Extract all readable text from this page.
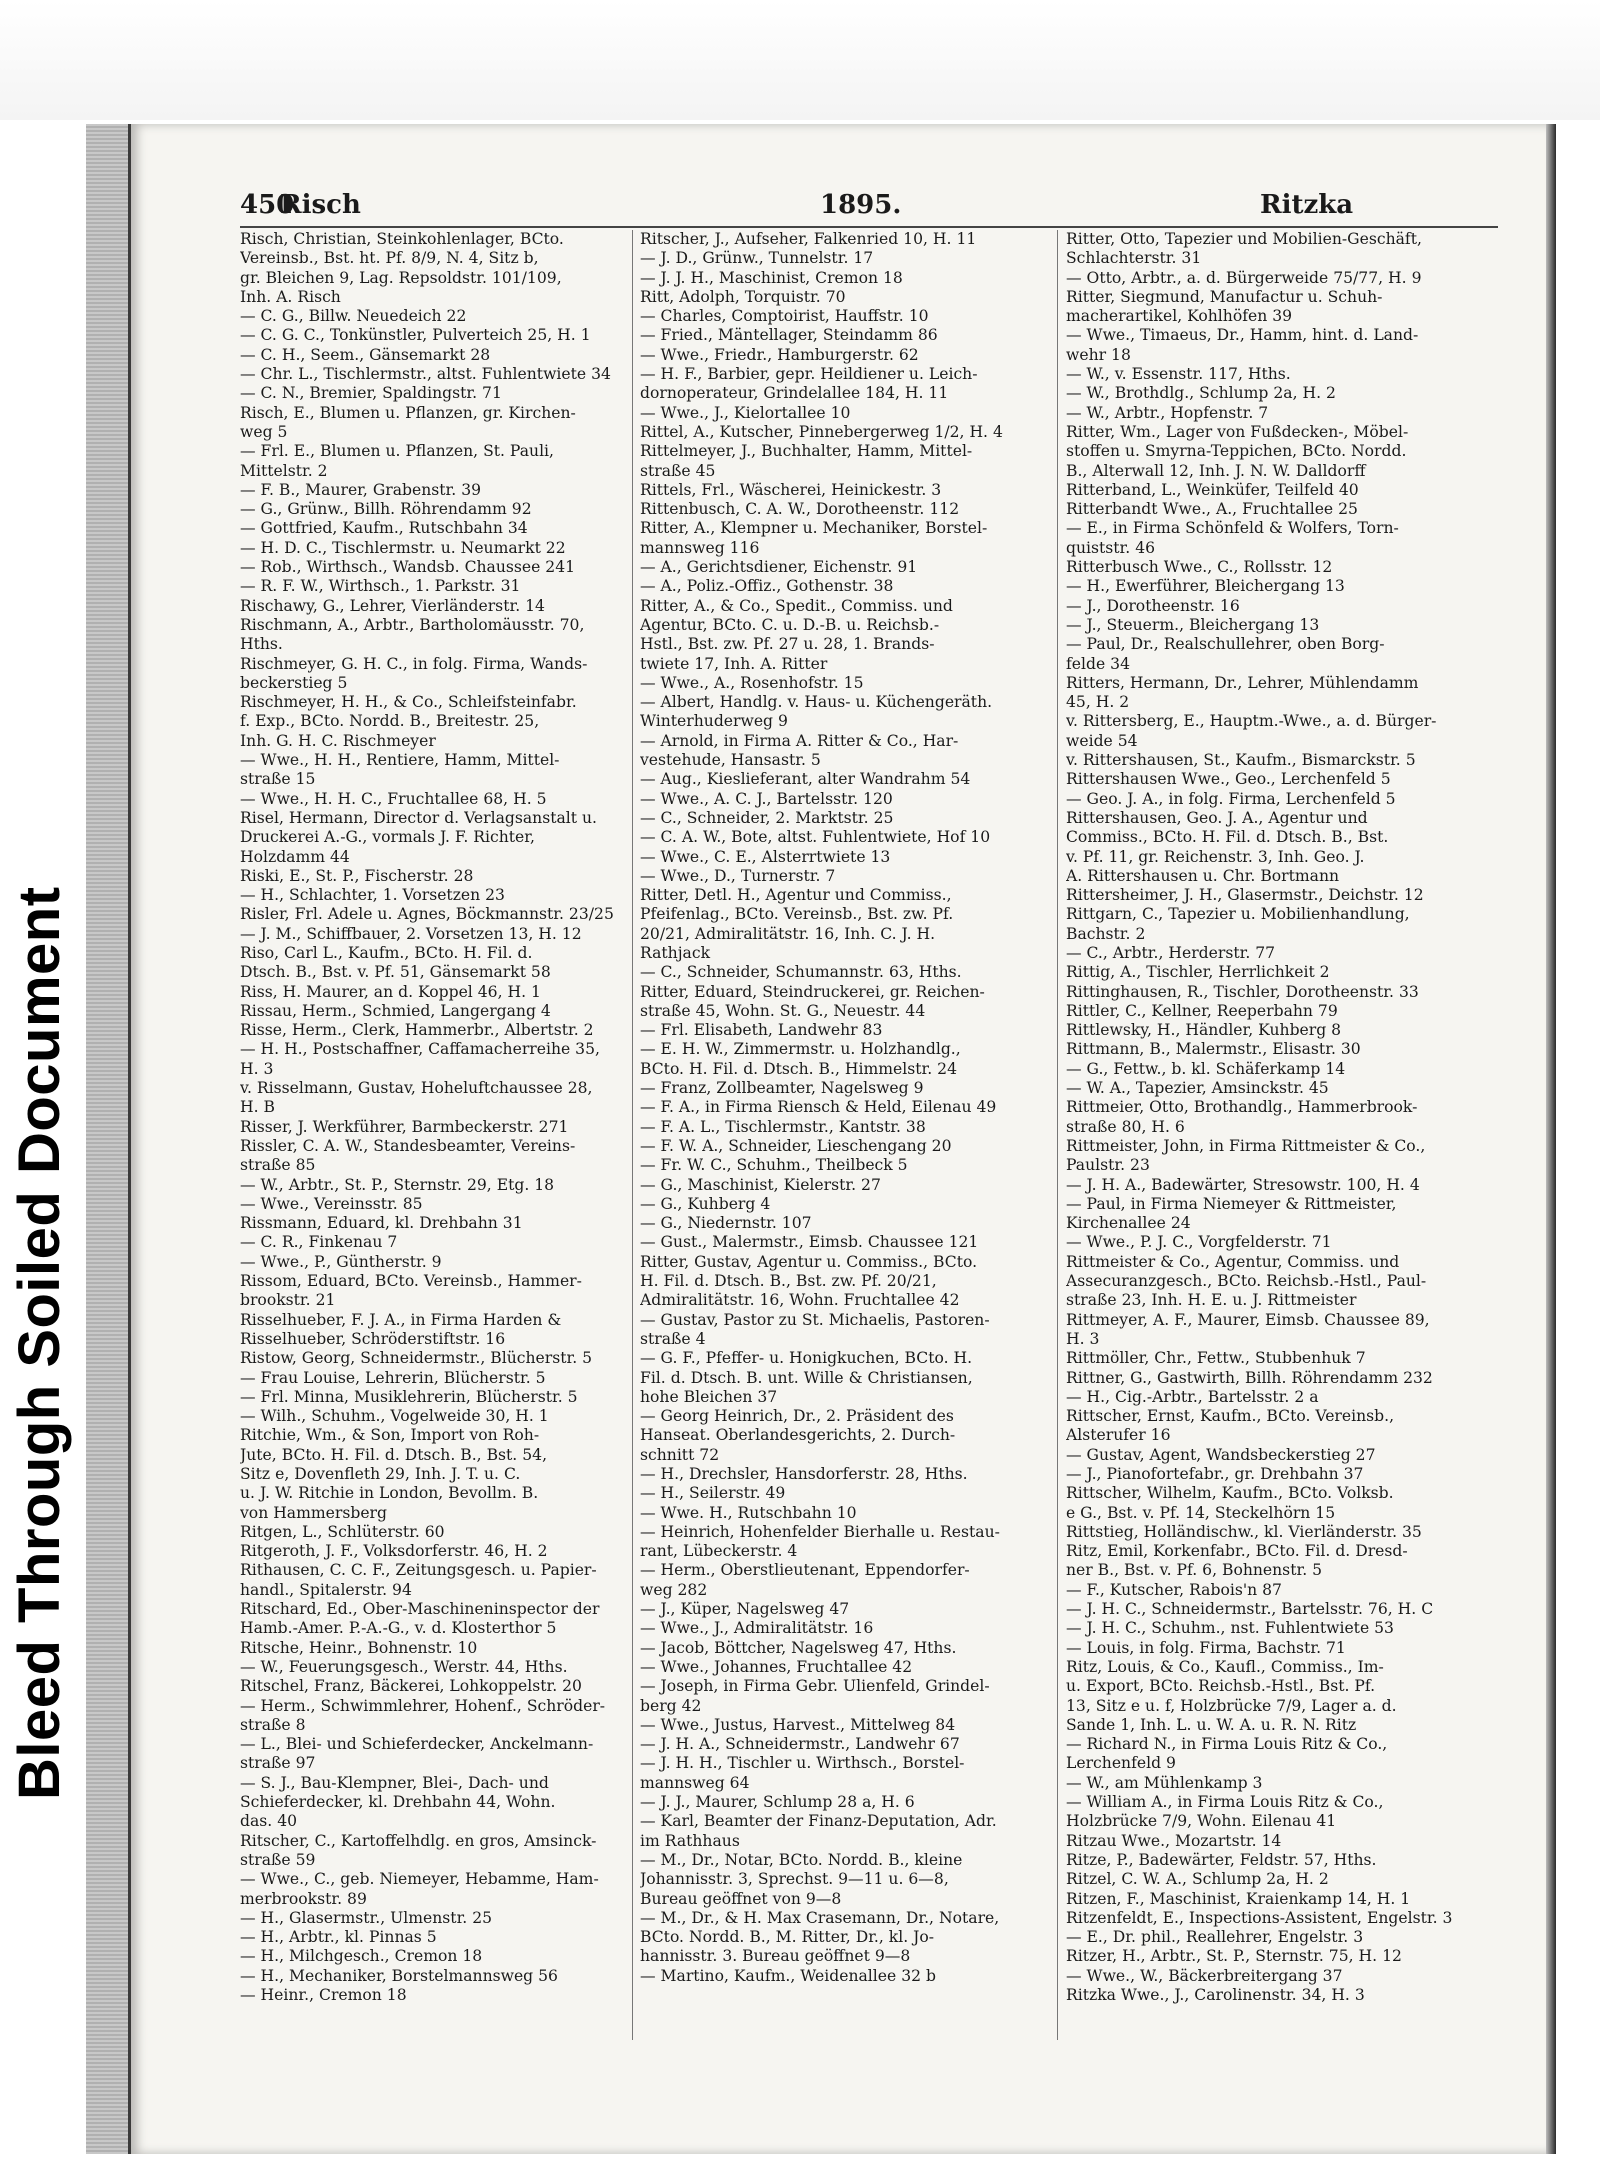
Bleed Through Soiled Document
450
Risch	1895.	Ritzka
Risch, Christian, Steinkohlenlager, BCto.
Vereinsb., Bst. ht. Pf. 8/9, N. 4, Sitz b,
gr. Bleichen 9, Lag. Repsoldstr. 101/109,
Inh. A. Risch
— C. G., Billw. Neuedeich 22
— C. G. C., Tonkünstler, Pulverteich 25, H. 1
— C. H., Seem., Gänsemarkt 28
— Chr. L., Tischlermstr., altst. Fuhlentwiete 34
— C. N., Bremier, Spaldingstr. 71
Risch, E., Blumen u. Pflanzen, gr. Kirchen-
weg 5
— Frl. E., Blumen u. Pflanzen, St. Pauli,
Mittelstr. 2
— F. B., Maurer, Grabenstr. 39
— G., Grünw., Billh. Röhrendamm 92
— Gottfried, Kaufm., Rutschbahn 34
— H. D. C., Tischlermstr. u. Neumarkt 22
— Rob., Wirthsch., Wandsb. Chaussee 241
— R. F. W., Wirthsch., 1. Parkstr. 31
Rischawy, G., Lehrer, Vierländerstr. 14
Rischmann, A., Arbtr., Bartholomäusstr. 70,
Hths.
Rischmeyer, G. H. C., in folg. Firma, Wands-
beckerstieg 5
Rischmeyer, H. H., & Co., Schleifsteinfabr.
f. Exp., BCto. Nordd. B., Breitestr. 25,
Inh. G. H. C. Rischmeyer
— Wwe., H. H., Rentiere, Hamm, Mittel-
straße 15
— Wwe., H. H. C., Fruchtallee 68, H. 5
Risel, Hermann, Director d. Verlagsanstalt u.
Druckerei A.-G., vormals J. F. Richter,
Holzdamm 44
Riski, E., St. P., Fischerstr. 28
— H., Schlachter, 1. Vorsetzen 23
Risler, Frl. Adele u. Agnes, Böckmannstr. 23/25
— J. M., Schiffbauer, 2. Vorsetzen 13, H. 12
Riso, Carl L., Kaufm., BCto. H. Fil. d.
Dtsch. B., Bst. v. Pf. 51, Gänsemarkt 58
Riss, H. Maurer, an d. Koppel 46, H. 1
Rissau, Herm., Schmied, Langergang 4
Risse, Herm., Clerk, Hammerbr., Albertstr. 2
— H. H., Postschaffner, Caffamacherreihe 35,
H. 3
v. Risselmann, Gustav, Hoheluftchaussee 28,
H. B
Risser, J. Werkführer, Barmbeckerstr. 271
Rissler, C. A. W., Standesbeamter, Vereins-
straße 85
— W., Arbtr., St. P., Sternstr. 29, Etg. 18
— Wwe., Vereinsstr. 85
Rissmann, Eduard, kl. Drehbahn 31
— C. R., Finkenau 7
— Wwe., P., Güntherstr. 9
Rissom, Eduard, BCto. Vereinsb., Hammer-
brookstr. 21
Risselhueber, F. J. A., in Firma Harden &
Risselhueber, Schröderstiftstr. 16
Ristow, Georg, Schneidermstr., Blücherstr. 5
— Frau Louise, Lehrerin, Blücherstr. 5
— Frl. Minna, Musiklehrerin, Blücherstr. 5
— Wilh., Schuhm., Vogelweide 30, H. 1
Ritchie, Wm., & Son, Import von Roh-
Jute, BCto. H. Fil. d. Dtsch. B., Bst. 54,
Sitz e, Dovenfleth 29, Inh. J. T. u. C.
u. J. W. Ritchie in London, Bevollm. B.
von Hammersberg
Ritgen, L., Schlüterstr. 60
Ritgeroth, J. F., Volksdorferstr. 46, H. 2
Rithausen, C. C. F., Zeitungsgesch. u. Papier-
handl., Spitalerstr. 94
Ritschard, Ed., Ober-Maschineninspector der
Hamb.-Amer. P.-A.-G., v. d. Klosterthor 5
Ritsche, Heinr., Bohnenstr. 10
— W., Feuerungsgesch., Werstr. 44, Hths.
Ritschel, Franz, Bäckerei, Lohkoppelstr. 20
— Herm., Schwimmlehrer, Hohenf., Schröder-
straße 8
— L., Blei- und Schieferdecker, Anckelmann-
straße 97
— S. J., Bau-Klempner, Blei-, Dach- und
Schieferdecker, kl. Drehbahn 44, Wohn.
das. 40
Ritscher, C., Kartoffelhdlg. en gros, Amsinck-
straße 59
— Wwe., C., geb. Niemeyer, Hebamme, Ham-
merbrookstr. 89
— H., Glasermstr., Ulmenstr. 25
— H., Arbtr., kl. Pinnas 5
— H., Milchgesch., Cremon 18
— H., Mechaniker, Borstelmannsweg 56
— Heinr., Cremon 18
Ritscher, J., Aufseher, Falkenried 10, H. 11
— J. D., Grünw., Tunnelstr. 17
— J. J. H., Maschinist, Cremon 18
Ritt, Adolph, Torquistr. 70
— Charles, Comptoirist, Hauffstr. 10
— Fried., Mäntellager, Steindamm 86
— Wwe., Friedr., Hamburgerstr. 62
— H. F., Barbier, gepr. Heildiener u. Leich-
dornoperateur, Grindelallee 184, H. 11
— Wwe., J., Kielortallee 10
Rittel, A., Kutscher, Pinnebergerweg 1/2, H. 4
Rittelmeyer, J., Buchhalter, Hamm, Mittel-
straße 45
Rittels, Frl., Wäscherei, Heinickestr. 3
Rittenbusch, C. A. W., Dorotheenstr. 112
Ritter, A., Klempner u. Mechaniker, Borstel-
mannsweg 116
— A., Gerichtsdiener, Eichenstr. 91
— A., Poliz.-Offiz., Gothenstr. 38
Ritter, A., & Co., Spedit., Commiss. und
Agentur, BCto. C. u. D.-B. u. Reichsb.-
Hstl., Bst. zw. Pf. 27 u. 28, 1. Brands-
twiete 17, Inh. A. Ritter
— Wwe., A., Rosenhofstr. 15
— Albert, Handlg. v. Haus- u. Küchengeräth.
Winterhuderweg 9
— Arnold, in Firma A. Ritter & Co., Har-
vestehude, Hansastr. 5
— Aug., Kieslieferant, alter Wandrahm 54
— Wwe., A. C. J., Bartelsstr. 120
— C., Schneider, 2. Marktstr. 25
— C. A. W., Bote, altst. Fuhlentwiete, Hof 10
— Wwe., C. E., Alsterrtwiete 13
— Wwe., D., Turnerstr. 7
Ritter, Detl. H., Agentur und Commiss.,
Pfeifenlag., BCto. Vereinsb., Bst. zw. Pf.
20/21, Admiralitätstr. 16, Inh. C. J. H.
Rathjack
— C., Schneider, Schumannstr. 63, Hths.
Ritter, Eduard, Steindruckerei, gr. Reichen-
straße 45, Wohn. St. G., Neuestr. 44
— Frl. Elisabeth, Landwehr 83
— E. H. W., Zimmermstr. u. Holzhandlg.,
BCto. H. Fil. d. Dtsch. B., Himmelstr. 24
— Franz, Zollbeamter, Nagelsweg 9
— F. A., in Firma Riensch & Held, Eilenau 49
— F. A. L., Tischlermstr., Kantstr. 38
— F. W. A., Schneider, Lieschengang 20
— Fr. W. C., Schuhm., Theilbeck 5
— G., Maschinist, Kielerstr. 27
— G., Kuhberg 4
— G., Niedernstr. 107
— Gust., Malermstr., Eimsb. Chaussee 121
Ritter, Gustav, Agentur u. Commiss., BCto.
H. Fil. d. Dtsch. B., Bst. zw. Pf. 20/21,
Admiralitätstr. 16, Wohn. Fruchtallee 42
— Gustav, Pastor zu St. Michaelis, Pastoren-
straße 4
— G. F., Pfeffer- u. Honigkuchen, BCto. H.
Fil. d. Dtsch. B. unt. Wille & Christiansen,
hohe Bleichen 37
— Georg Heinrich, Dr., 2. Präsident des
Hanseat. Oberlandesgerichts, 2. Durch-
schnitt 72
— H., Drechsler, Hansdorferstr. 28, Hths.
— H., Seilerstr. 49
— Wwe. H., Rutschbahn 10
— Heinrich, Hohenfelder Bierhalle u. Restau-
rant, Lübeckerstr. 4
— Herm., Oberstlieutenant, Eppendorfer-
weg 282
— J., Küper, Nagelsweg 47
— Wwe., J., Admiralitätstr. 16
— Jacob, Böttcher, Nagelsweg 47, Hths.
— Wwe., Johannes, Fruchtallee 42
— Joseph, in Firma Gebr. Ulienfeld, Grindel-
berg 42
— Wwe., Justus, Harvest., Mittelweg 84
— J. H. A., Schneidermstr., Landwehr 67
— J. H. H., Tischler u. Wirthsch., Borstel-
mannsweg 64
— J. J., Maurer, Schlump 28 a, H. 6
— Karl, Beamter der Finanz-Deputation, Adr.
im Rathhaus
— M., Dr., Notar, BCto. Nordd. B., kleine
Johannisstr. 3, Sprechst. 9—11 u. 6—8,
Bureau geöffnet von 9—8
— M., Dr., & H. Max Crasemann, Dr., Notare,
BCto. Nordd. B., M. Ritter, Dr., kl. Jo-
hannisstr. 3. Bureau geöffnet 9—8
— Martino, Kaufm., Weidenallee 32 b
Ritter, Otto, Tapezier und Mobilien-Geschäft,
Schlachterstr. 31
— Otto, Arbtr., a. d. Bürgerweide 75/77, H. 9
Ritter, Siegmund, Manufactur u. Schuh-
macherartikel, Kohlhöfen 39
— Wwe., Timaeus, Dr., Hamm, hint. d. Land-
wehr 18
— W., v. Essenstr. 117, Hths.
— W., Brothdlg., Schlump 2a, H. 2
— W., Arbtr., Hopfenstr. 7
Ritter, Wm., Lager von Fußdecken-, Möbel-
stoffen u. Smyrna-Teppichen, BCto. Nordd.
B., Alterwall 12, Inh. J. N. W. Dalldorff
Ritterband, L., Weinküfer, Teilfeld 40
Ritterbandt Wwe., A., Fruchtallee 25
— E., in Firma Schönfeld & Wolfers, Torn-
quiststr. 46
Ritterbusch Wwe., C., Rollsstr. 12
— H., Ewerführer, Bleichergang 13
— J., Dorotheenstr. 16
— J., Steuerm., Bleichergang 13
— Paul, Dr., Realschullehrer, oben Borg-
felde 34
Ritters, Hermann, Dr., Lehrer, Mühlendamm
45, H. 2
v. Rittersberg, E., Hauptm.-Wwe., a. d. Bürger-
weide 54
v. Rittershausen, St., Kaufm., Bismarckstr. 5
Rittershausen Wwe., Geo., Lerchenfeld 5
— Geo. J. A., in folg. Firma, Lerchenfeld 5
Rittershausen, Geo. J. A., Agentur und
Commiss., BCto. H. Fil. d. Dtsch. B., Bst.
v. Pf. 11, gr. Reichenstr. 3, Inh. Geo. J.
A. Rittershausen u. Chr. Bortmann
Rittersheimer, J. H., Glasermstr., Deichstr. 12
Rittgarn, C., Tapezier u. Mobilienhandlung,
Bachstr. 2
— C., Arbtr., Herderstr. 77
Rittig, A., Tischler, Herrlichkeit 2
Rittinghausen, R., Tischler, Dorotheenstr. 33
Rittler, C., Kellner, Reeperbahn 79
Rittlewsky, H., Händler, Kuhberg 8
Rittmann, B., Malermstr., Elisastr. 30
— G., Fettw., b. kl. Schäferkamp 14
— W. A., Tapezier, Amsinckstr. 45
Rittmeier, Otto, Brothandlg., Hammerbrook-
straße 80, H. 6
Rittmeister, John, in Firma Rittmeister & Co.,
Paulstr. 23
— J. H. A., Badewärter, Stresowstr. 100, H. 4
— Paul, in Firma Niemeyer & Rittmeister,
Kirchenallee 24
— Wwe., P. J. C., Vorgfelderstr. 71
Rittmeister & Co., Agentur, Commiss. und
Assecuranzgesch., BCto. Reichsb.-Hstl., Paul-
straße 23, Inh. H. E. u. J. Rittmeister
Rittmeyer, A. F., Maurer, Eimsb. Chaussee 89,
H. 3
Rittmöller, Chr., Fettw., Stubbenhuk 7
Rittner, G., Gastwirth, Billh. Röhrendamm 232
— H., Cig.-Arbtr., Bartelsstr. 2 a
Rittscher, Ernst, Kaufm., BCto. Vereinsb.,
Alsterufer 16
— Gustav, Agent, Wandsbeckerstieg 27
— J., Pianofortefabr., gr. Drehbahn 37
Rittscher, Wilhelm, Kaufm., BCto. Volksb.
e G., Bst. v. Pf. 14, Steckelhörn 15
Rittstieg, Holländischw., kl. Vierländerstr. 35
Ritz, Emil, Korkenfabr., BCto. Fil. d. Dresd-
ner B., Bst. v. Pf. 6, Bohnenstr. 5
— F., Kutscher, Rabois'n 87
— J. H. C., Schneidermstr., Bartelsstr. 76, H. C
— J. H. C., Schuhm., nst. Fuhlentwiete 53
— Louis, in folg. Firma, Bachstr. 71
Ritz, Louis, & Co., Kaufl., Commiss., Im-
u. Export, BCto. Reichsb.-Hstl., Bst. Pf.
13, Sitz e u. f, Holzbrücke 7/9, Lager a. d.
Sande 1, Inh. L. u. W. A. u. R. N. Ritz
— Richard N., in Firma Louis Ritz & Co.,
Lerchenfeld 9
— W., am Mühlenkamp 3
— William A., in Firma Louis Ritz & Co.,
Holzbrücke 7/9, Wohn. Eilenau 41
Ritzau Wwe., Mozartstr. 14
Ritze, P., Badewärter, Feldstr. 57, Hths.
Ritzel, C. W. A., Schlump 2a, H. 2
Ritzen, F., Maschinist, Kraienkamp 14, H. 1
Ritzenfeldt, E., Inspections-Assistent, Engelstr. 3
— E., Dr. phil., Reallehrer, Engelstr. 3
Ritzer, H., Arbtr., St. P., Sternstr. 75, H. 12
— Wwe., W., Bäckerbreitergang 37
Ritzka Wwe., J., Carolinenstr. 34, H. 3
